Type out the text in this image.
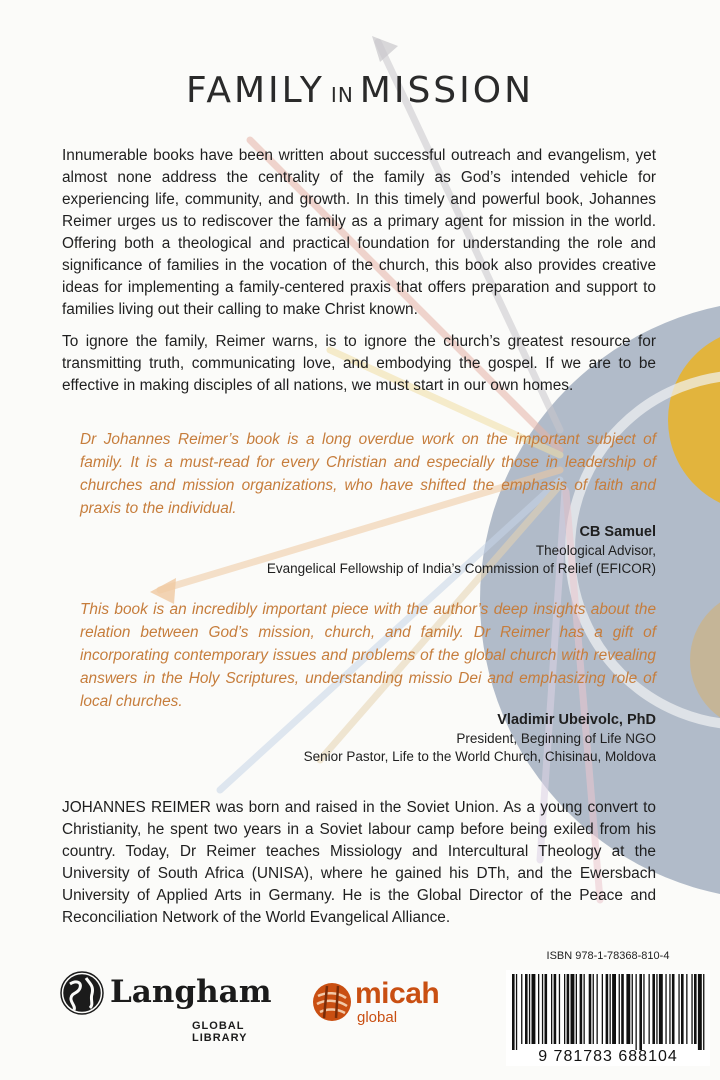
FAMILY IN MISSION

Innumerable books have been written about successful outreach and evangelism, yet almost none address the centrality of the family as God’s intended vehicle for experiencing life, community, and growth. In this timely and powerful book, Johannes Reimer urges us to rediscover the family as a primary agent for mission in the world. Offering both a theological and practical foundation for understanding the role and significance of families in the vocation of the church, this book also provides creative ideas for implementing a family-centered praxis that offers preparation and support to families living out their calling to make Christ known.

To ignore the family, Reimer warns, is to ignore the church’s greatest resource for transmitting truth, communicating love, and embodying the gospel. If we are to be effective in making disciples of all nations, we must start in our own homes.

Dr Johannes Reimer’s book is a long overdue work on the important subject of family. It is a must-read for every Christian and especially those in leadership of churches and mission organizations, who have shifted the emphasis of faith and praxis to the individual.

CB Samuel
Theological Advisor,
Evangelical Fellowship of India’s Commission of Relief (EFICOR)

This book is an incredibly important piece with the author’s deep insights about the relation between God’s mission, church, and family. Dr Reimer has a gift of incorporating contemporary issues and problems of the global church with revealing answers in the Holy Scriptures, understanding missio Dei and emphasizing role of local churches.

Vladimir Ubeivolc, PhD
President, Beginning of Life NGO
Senior Pastor, Life to the World Church, Chisinau, Moldova

JOHANNES REIMER was born and raised in the Soviet Union. As a young convert to Christianity, he spent two years in a Soviet labour camp before being exiled from his country. Today, Dr Reimer teaches Missiology and Intercultural Theology at the University of South Africa (UNISA), where he gained his DTh, and the Ewersbach University of Applied Arts in Germany. He is the Global Director of the Peace and Reconciliation Network of the World Evangelical Alliance.

Langham
GLOBAL LIBRARY
micah
global
ISBN 978-1-78368-810-4
9 781783 688104
